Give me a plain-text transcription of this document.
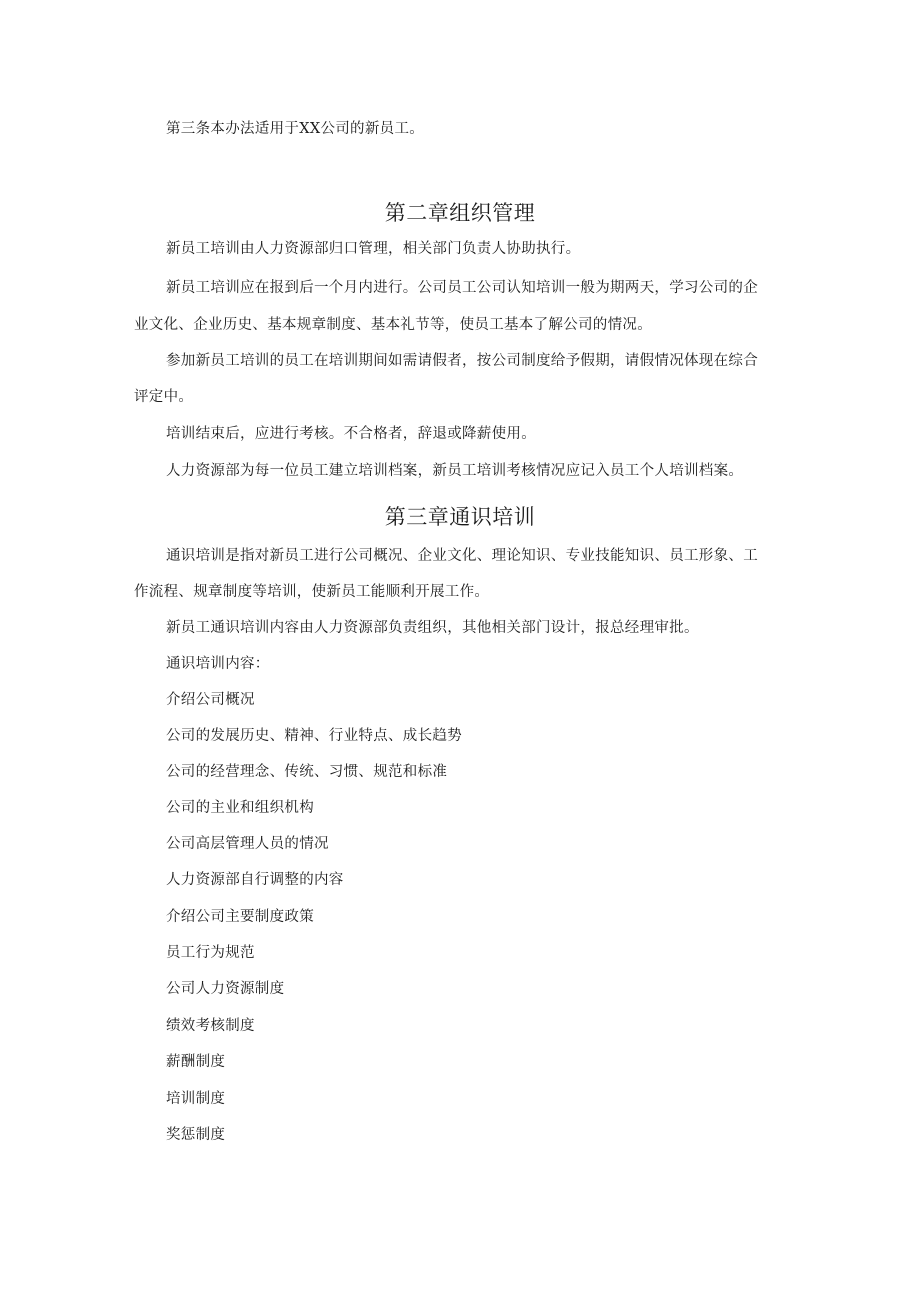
第三条本办法适用于XX公司的新员工。
第二章组织管理
新员工培训由人力资源部归口管理，相关部门负责人协助执行。
新员工培训应在报到后一个月内进行。公司员工公司认知培训一般为期两天，学习公司的企
业文化、企业历史、基本规章制度、基本礼节等，使员工基本了解公司的情况。
参加新员工培训的员工在培训期间如需请假者，按公司制度给予假期，请假情况体现在综合
评定中。
培训结束后，应进行考核。不合格者，辞退或降薪使用。
人力资源部为每一位员工建立培训档案，新员工培训考核情况应记入员工个人培训档案。
第三章通识培训
通识培训是指对新员工进行公司概况、企业文化、理论知识、专业技能知识、员工形象、工
作流程、规章制度等培训，使新员工能顺利开展工作。
新员工通识培训内容由人力资源部负责组织，其他相关部门设计，报总经理审批。
通识培训内容：
介绍公司概况
公司的发展历史、精神、行业特点、成长趋势
公司的经营理念、传统、习惯、规范和标准
公司的主业和组织机构
公司高层管理人员的情况
人力资源部自行调整的内容
介绍公司主要制度政策
员工行为规范
公司人力资源制度
绩效考核制度
薪酬制度
培训制度
奖惩制度
